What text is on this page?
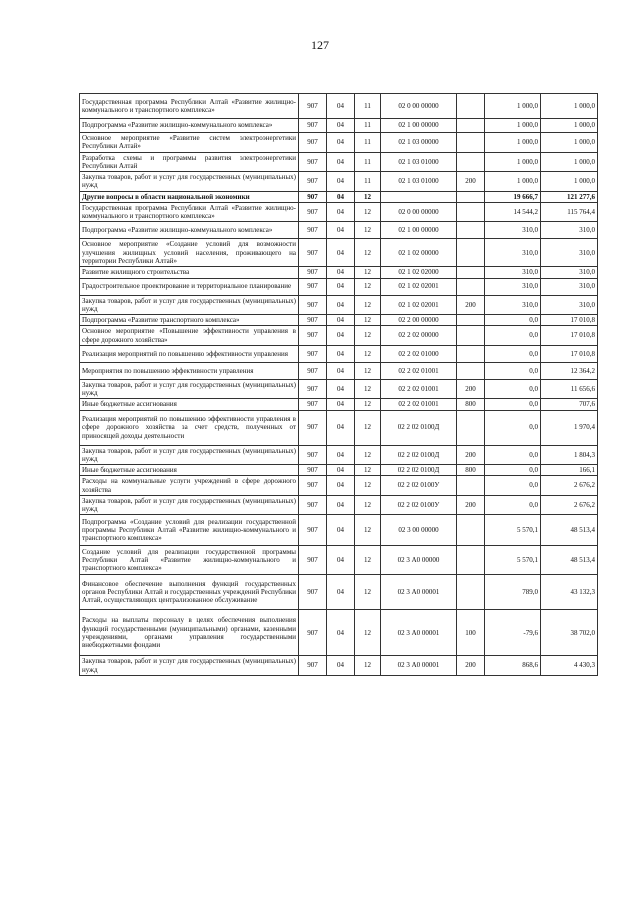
127
Государственная программа Республики Алтай «Развитие жилищно-коммунального и транспортного комплекса»	907	04	11	02 0 00 00000		1 000,0	1 000,0
Подпрограмма «Развитие жилищно-коммунального комплекса»	907	04	11	02 1 00 00000		1 000,0	1 000,0
Основное мероприятие «Развитие систем электроэнергетики Республики Алтай»	907	04	11	02 1 03 00000		1 000,0	1 000,0
Разработка схемы и программы развития электроэнергетики Республики Алтай	907	04	11	02 1 03 01000		1 000,0	1 000,0
Закупка товаров, работ и услуг для государственных (муниципальных) нужд	907	04	11	02 1 03 01000	200	1 000,0	1 000,0
Другие вопросы в области национальной экономики	907	04	12			19 666,7	121 277,6
Государственная программа Республики Алтай «Развитие жилищно-коммунального и транспортного комплекса»	907	04	12	02 0 00 00000		14 544,2	115 764,4
Подпрограмма «Развитие жилищно-коммунального комплекса»	907	04	12	02 1 00 00000		310,0	310,0
Основное мероприятие «Создание условий для возможности улучшения жилищных условий населения, проживающего на территории Республики Алтай»	907	04	12	02 1 02 00000		310,0	310,0
Развитие жилищного строительства	907	04	12	02 1 02 02000		310,0	310,0
Градостроительное проектирование и территориальное планирование	907	04	12	02 1 02 02001		310,0	310,0
Закупка товаров, работ и услуг для государственных (муниципальных) нужд	907	04	12	02 1 02 02001	200	310,0	310,0
Подпрограмма «Развитие транспортного комплекса»	907	04	12	02 2 00 00000		0,0	17 010,8
Основное мероприятие «Повышение эффективности управления в сфере дорожного хозяйства»	907	04	12	02 2 02 00000		0,0	17 010,8
Реализация мероприятий по повышению эффективности управления	907	04	12	02 2 02 01000		0,0	17 010,8
Мероприятия по повышению эффективности управления	907	04	12	02 2 02 01001		0,0	12 364,2
Закупка товаров, работ и услуг для государственных (муниципальных) нужд	907	04	12	02 2 02 01001	200	0,0	11 656,6
Иные бюджетные ассигнования	907	04	12	02 2 02 01001	800	0,0	707,6
Реализация мероприятий по повышению эффективности управления в сфере дорожного хозяйства за счет средств, полученных от приносящей доходы деятельности	907	04	12	02 2 02 0100Д		0,0	1 970,4
Закупка товаров, работ и услуг для государственных (муниципальных) нужд	907	04	12	02 2 02 0100Д	200	0,0	1 804,3
Иные бюджетные ассигнования	907	04	12	02 2 02 0100Д	800	0,0	166,1
Расходы на коммунальные услуги учреждений в сфере дорожного хозяйства	907	04	12	02 2 02 0100У		0,0	2 676,2
Закупка товаров, работ и услуг для государственных (муниципальных) нужд	907	04	12	02 2 02 0100У	200	0,0	2 676,2
Подпрограмма «Создание условий для реализации государственной программы Республики Алтай «Развитие жилищно-коммунального и транспортного комплекса»	907	04	12	02 3 00 00000		5 570,1	48 513,4
Создание условий для реализации государственной программы Республики Алтай «Развитие жилищно-коммунального и транспортного комплекса»	907	04	12	02 3 А0 00000		5 570,1	48 513,4
Финансовое обеспечение выполнения функций государственных органов Республики Алтай и государственных учреждений Республики Алтай, осуществляющих централизованное обслуживание	907	04	12	02 3 А0 00001		789,0	43 132,3
Расходы на выплаты персоналу в целях обеспечения выполнения функций государственными (муниципальными) органами, казенными учреждениями, органами управления государственными внебюджетными фондами	907	04	12	02 3 А0 00001	100	-79,6	38 702,0
Закупка товаров, работ и услуг для государственных (муниципальных) нужд	907	04	12	02 3 А0 00001	200	868,6	4 430,3
